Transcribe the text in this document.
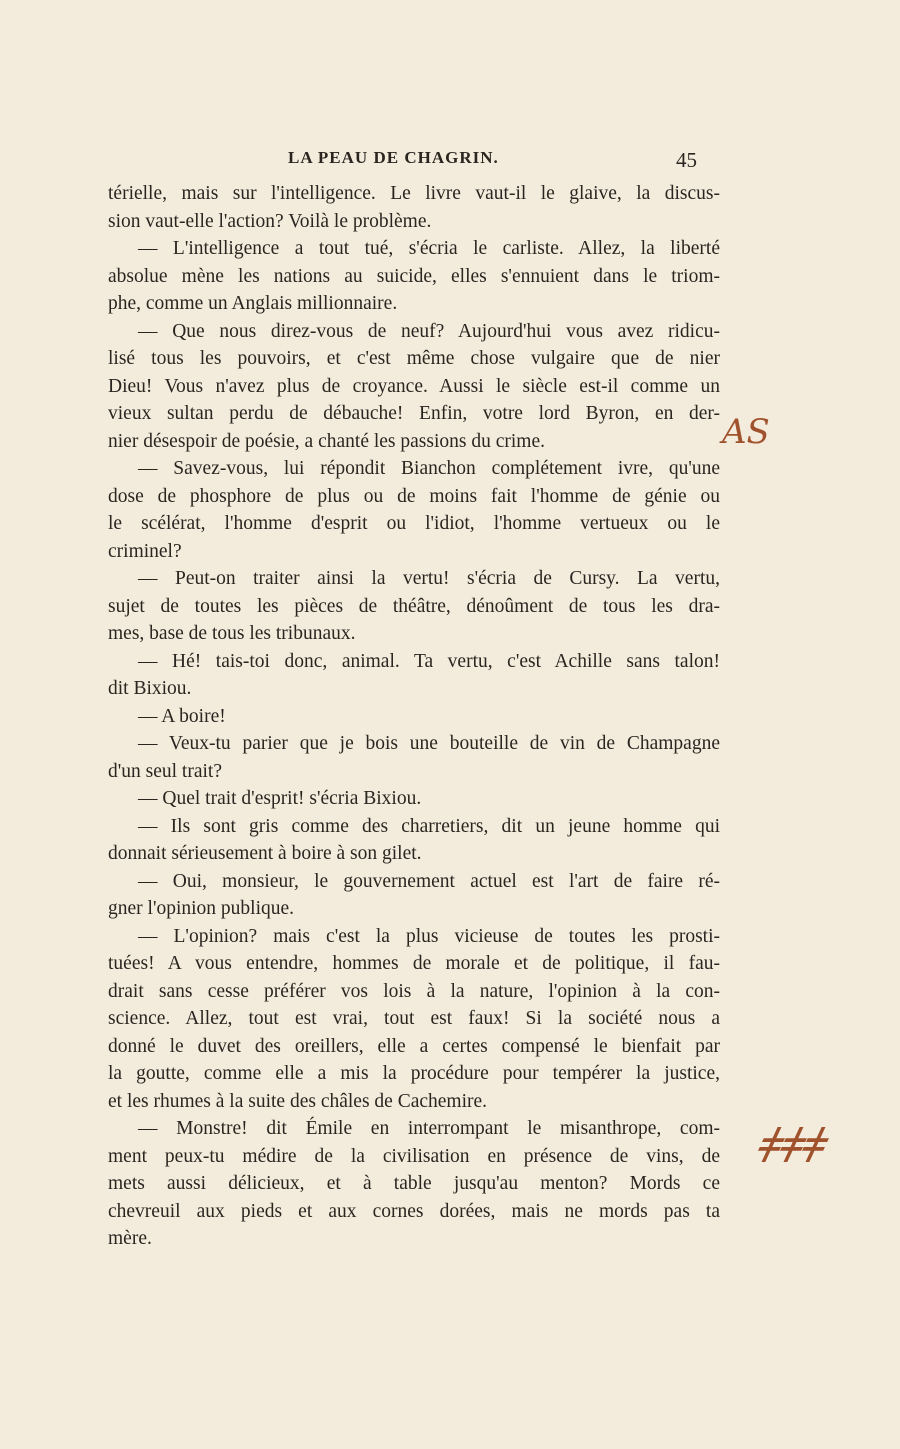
LA PEAU DE CHAGRIN.	45
térielle, mais sur l'intelligence. Le livre vaut-il le glaive, la discus-
sion vaut-elle l'action? Voilà le problème.
— L'intelligence a tout tué, s'écria le carliste. Allez, la liberté
absolue mène les nations au suicide, elles s'ennuient dans le triom-
phe, comme un Anglais millionnaire.
— Que nous direz-vous de neuf? Aujourd'hui vous avez ridicu-
lisé tous les pouvoirs, et c'est même chose vulgaire que de nier
Dieu! Vous n'avez plus de croyance. Aussi le siècle est-il comme un
vieux sultan perdu de débauche! Enfin, votre lord Byron, en der-
nier désespoir de poésie, a chanté les passions du crime.
— Savez-vous, lui répondit Bianchon complétement ivre, qu'une
dose de phosphore de plus ou de moins fait l'homme de génie ou
le scélérat, l'homme d'esprit ou l'idiot, l'homme vertueux ou le
criminel?
— Peut-on traiter ainsi la vertu! s'écria de Cursy. La vertu,
sujet de toutes les pièces de théâtre, dénoûment de tous les dra-
mes, base de tous les tribunaux.
— Hé! tais-toi donc, animal. Ta vertu, c'est Achille sans talon!
dit Bixiou.
— A boire!
— Veux-tu parier que je bois une bouteille de vin de Champagne
d'un seul trait?
— Quel trait d'esprit! s'écria Bixiou.
— Ils sont gris comme des charretiers, dit un jeune homme qui
donnait sérieusement à boire à son gilet.
— Oui, monsieur, le gouvernement actuel est l'art de faire ré-
gner l'opinion publique.
— L'opinion? mais c'est la plus vicieuse de toutes les prosti-
tuées! A vous entendre, hommes de morale et de politique, il fau-
drait sans cesse préférer vos lois à la nature, l'opinion à la con-
science. Allez, tout est vrai, tout est faux! Si la société nous a
donné le duvet des oreillers, elle a certes compensé le bienfait par
la goutte, comme elle a mis la procédure pour tempérer la justice,
et les rhumes à la suite des châles de Cachemire.
— Monstre! dit Émile en interrompant le misanthrope, com-
ment peux-tu médire de la civilisation en présence de vins, de
mets aussi délicieux, et à table jusqu'au menton? Mords ce
chevreuil aux pieds et aux cornes dorées, mais ne mords pas ta
mère.
AS
ǂǂǂ
